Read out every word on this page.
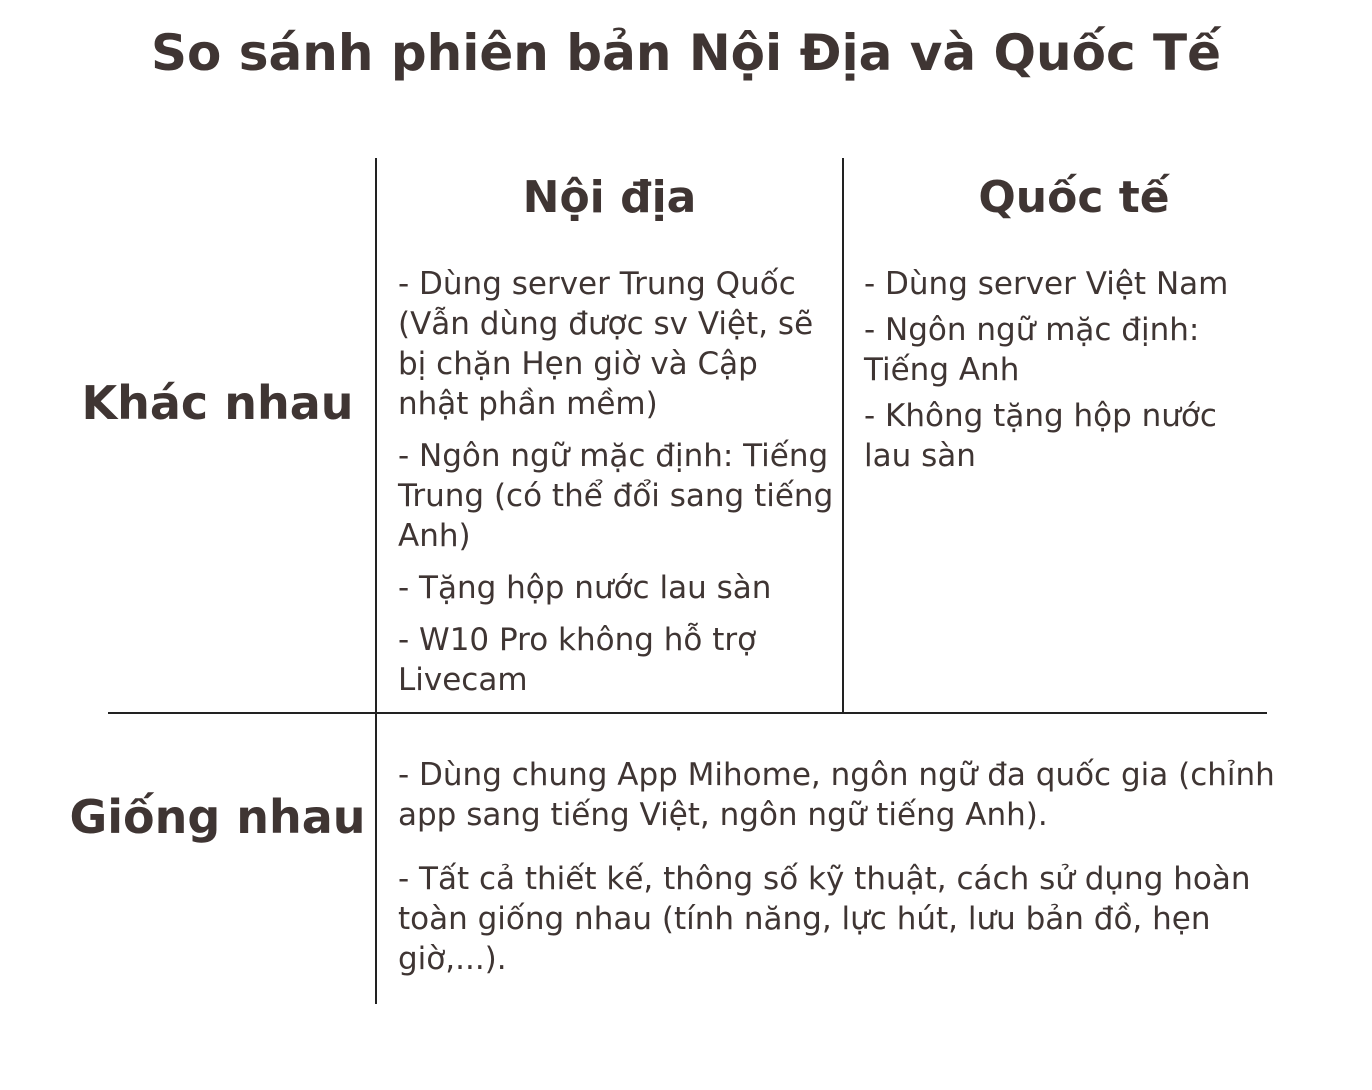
So sánh phiên bản Nội Địa và Quốc Tế
Nội địa	Quốc tế
Khác nhau
Giống nhau

- Dùng server Trung Quốc (Vẫn dùng được sv Việt, sẽ bị chặn Hẹn giờ và Cập nhật phần mềm)

- Ngôn ngữ mặc định: Tiếng Trung (có thể đổi sang tiếng Anh)

- Tặng hộp nước lau sàn

- W10 Pro không hỗ trợ Livecam

- Dùng server Việt Nam

- Ngôn ngữ mặc định: Tiếng Anh

- Không tặng hộp nước lau sàn

- Dùng chung App Mihome, ngôn ngữ đa quốc gia (chỉnh app sang tiếng Việt, ngôn ngữ tiếng Anh).

- Tất cả thiết kế, thông số kỹ thuật, cách sử dụng hoàn toàn giống nhau (tính năng, lực hút, lưu bản đồ, hẹn giờ,...).
